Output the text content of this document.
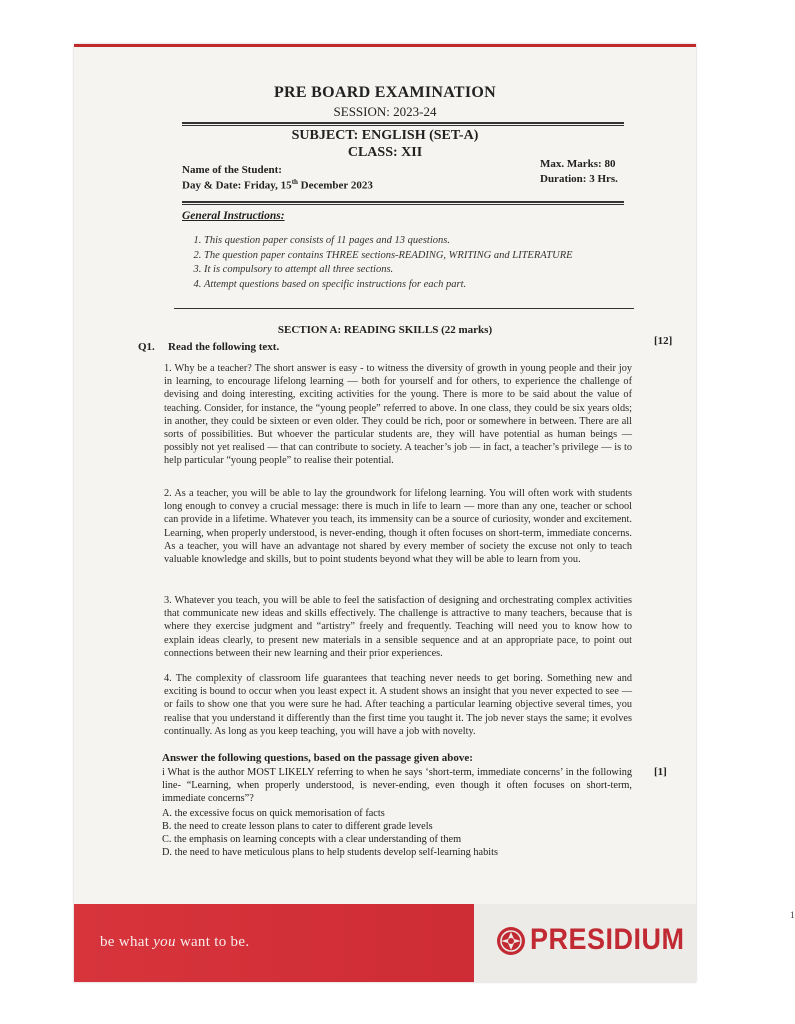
PRE BOARD EXAMINATION
SESSION: 2023-24
SUBJECT: ENGLISH (SET-A)
CLASS: XII
Name of the Student:
Day & Date: Friday, 15th December 2023
Max. Marks: 80
Duration: 3 Hrs.
General Instructions:
1. This question paper consists of 11 pages and 13 questions.
2. The question paper contains THREE sections-READING, WRITING and LITERATURE
3. It is compulsory to attempt all three sections.
4. Attempt questions based on specific instructions for each part.
SECTION A: READING SKILLS (22 marks)
Q1. Read the following text.	[12]
1. Why be a teacher? The short answer is easy - to witness the diversity of growth in young people and their joy in learning, to encourage lifelong learning — both for yourself and for others, to experience the challenge of devising and doing interesting, exciting activities for the young. There is more to be said about the value of teaching. Consider, for instance, the “young people” referred to above. In one class, they could be six years olds; in another, they could be sixteen or even older. They could be rich, poor or somewhere in between. There are all sorts of possibilities. But whoever the particular students are, they will have potential as human beings — possibly not yet realised — that can contribute to society. A teacher’s job — in fact, a teacher’s privilege — is to help particular “young people” to realise their potential.
2. As a teacher, you will be able to lay the groundwork for lifelong learning. You will often work with students long enough to convey a crucial message: there is much in life to learn — more than any one, teacher or school can provide in a lifetime. Whatever you teach, its immensity can be a source of curiosity, wonder and excitement. Learning, when properly understood, is never-ending, though it often focuses on short-term, immediate concerns. As a teacher, you will have an advantage not shared by every member of society the excuse not only to teach valuable knowledge and skills, but to point students beyond what they will be able to learn from you.
3. Whatever you teach, you will be able to feel the satisfaction of designing and orchestrating complex activities that communicate new ideas and skills effectively. The challenge is attractive to many teachers, because that is where they exercise judgment and “artistry” freely and frequently. Teaching will need you to know how to explain ideas clearly, to present new materials in a sensible sequence and at an appropriate pace, to point out connections between their new learning and their prior experiences.
4. The complexity of classroom life guarantees that teaching never needs to get boring. Something new and exciting is bound to occur when you least expect it. A student shows an insight that you never expected to see — or fails to show one that you were sure he had. After teaching a particular learning objective several times, you realise that you understand it differently than the first time you taught it. The job never stays the same; it evolves continually. As long as you keep teaching, you will have a job with novelty.
Answer the following questions, based on the passage given above:
i What is the author MOST LIKELY referring to when he says ‘short-term, immediate concerns’ in the following line- “Learning, when properly understood, is never-ending, even though it often focuses on short-term, immediate concerns”?
[1]
A. the excessive focus on quick memorisation of facts
B. the need to create lesson plans to cater to different grade levels
C. the emphasis on learning concepts with a clear understanding of them
D. the need to have meticulous plans to help students develop self-learning habits
be what you want to be.
1
PRESIDIUM
